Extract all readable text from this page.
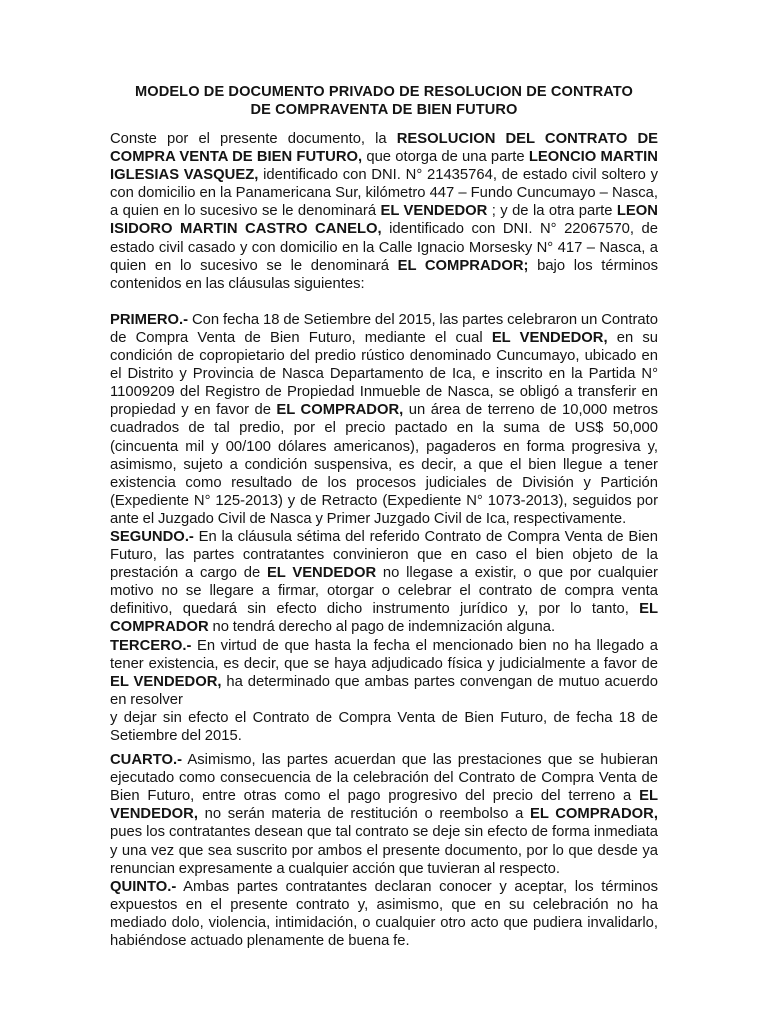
MODELO DE DOCUMENTO PRIVADO DE RESOLUCION DE CONTRATO
DE COMPRAVENTA DE BIEN FUTURO

Conste por el presente documento, la RESOLUCION DEL CONTRATO DE COMPRA VENTA DE BIEN FUTURO, que otorga de una parte LEONCIO MARTIN IGLESIAS VASQUEZ, identificado con DNI. N° 21435764, de estado civil soltero y con domicilio en la Panamericana Sur, kilómetro 447 – Fundo Cuncumayo – Nasca, a quien en lo sucesivo se le denominará EL VENDEDOR ; y de la otra parte LEON ISIDORO MARTIN CASTRO CANELO, identificado con DNI. N° 22067570, de estado civil casado y con domicilio en la Calle Ignacio Morsesky N° 417 – Nasca, a quien en lo sucesivo se le denominará EL COMPRADOR; bajo los términos contenidos en las cláusulas siguientes:

PRIMERO.- Con fecha 18 de Setiembre del 2015, las partes celebraron un Contrato de Compra Venta de Bien Futuro, mediante el cual EL VENDEDOR, en su condición de copropietario del predio rústico denominado Cuncumayo, ubicado en el Distrito y Provincia de Nasca Departamento de Ica, e inscrito en la Partida N° 11009209 del Registro de Propiedad Inmueble de Nasca, se obligó a transferir en propiedad y en favor de EL COMPRADOR, un área de terreno de 10,000 metros cuadrados de tal predio, por el precio pactado en la suma de US$ 50,000 (cincuenta mil y 00/100 dólares americanos), pagaderos en forma progresiva y, asimismo, sujeto a condición suspensiva, es decir, a que el bien llegue a tener existencia como resultado de los procesos judiciales de División y Partición (Expediente N° 125-2013) y de Retracto (Expediente N° 1073-2013), seguidos por ante el Juzgado Civil de Nasca y Primer Juzgado Civil de Ica, respectivamente.

SEGUNDO.- En la cláusula sétima del referido Contrato de Compra Venta de Bien Futuro, las partes contratantes convinieron que en caso el bien objeto de la prestación a cargo de EL VENDEDOR no llegase a existir, o que por cualquier motivo no se llegare a firmar, otorgar o celebrar el contrato de compra venta definitivo, quedará sin efecto dicho instrumento jurídico y, por lo tanto, EL COMPRADOR no tendrá derecho al pago de indemnización alguna.

TERCERO.- En virtud de que hasta la fecha el mencionado bien no ha llegado a tener existencia, es decir, que se haya adjudicado física y judicialmente a favor de EL VENDEDOR, ha determinado que ambas partes convengan de mutuo acuerdo en resolver

y dejar sin efecto el Contrato de Compra Venta de Bien Futuro, de fecha 18 de Setiembre del 2015.

CUARTO.- Asimismo, las partes acuerdan que las prestaciones que se hubieran ejecutado como consecuencia de la celebración del Contrato de Compra Venta de Bien Futuro, entre otras como el pago progresivo del precio del terreno a EL VENDEDOR, no serán materia de restitución o reembolso a EL COMPRADOR, pues los contratantes desean que tal contrato se deje sin efecto de forma inmediata y una vez que sea suscrito por ambos el presente documento, por lo que desde ya renuncian expresamente a cualquier acción que tuvieran al respecto.

QUINTO.- Ambas partes contratantes declaran conocer y aceptar, los términos expuestos en el presente contrato y, asimismo, que en su celebración no ha mediado dolo, violencia, intimidación, o cualquier otro acto que pudiera invalidarlo, habiéndose actuado plenamente de buena fe.
